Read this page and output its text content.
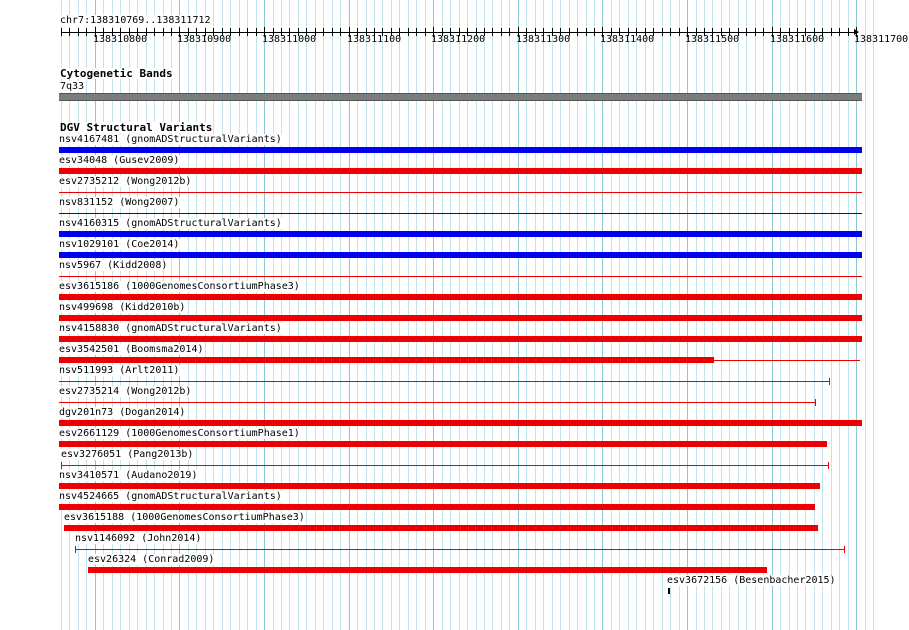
chr7:138310769..138311712
138310800	138310900	138311000	138311100	138311200	138311300	138311400	138311500	138311600	138311700
Cytogenetic Bands
7q33
DGV Structural Variants
nsv4167481 (gnomADStructuralVariants)
esv34048 (Gusev2009)
esv2735212 (Wong2012b)
nsv831152 (Wong2007)
nsv4160315 (gnomADStructuralVariants)
nsv1029101 (Coe2014)
nsv5967 (Kidd2008)
esv3615186 (1000GenomesConsortiumPhase3)
nsv499698 (Kidd2010b)
nsv4158830 (gnomADStructuralVariants)
esv3542501 (Boomsma2014)
nsv511993 (Arlt2011)
esv2735214 (Wong2012b)
dgv201n73 (Dogan2014)
esv2661129 (1000GenomesConsortiumPhase1)
esv3276051 (Pang2013b)
nsv3410571 (Audano2019)
nsv4524665 (gnomADStructuralVariants)
esv3615188 (1000GenomesConsortiumPhase3)
nsv1146092 (John2014)
esv26324 (Conrad2009)
esv3672156 (Besenbacher2015)
